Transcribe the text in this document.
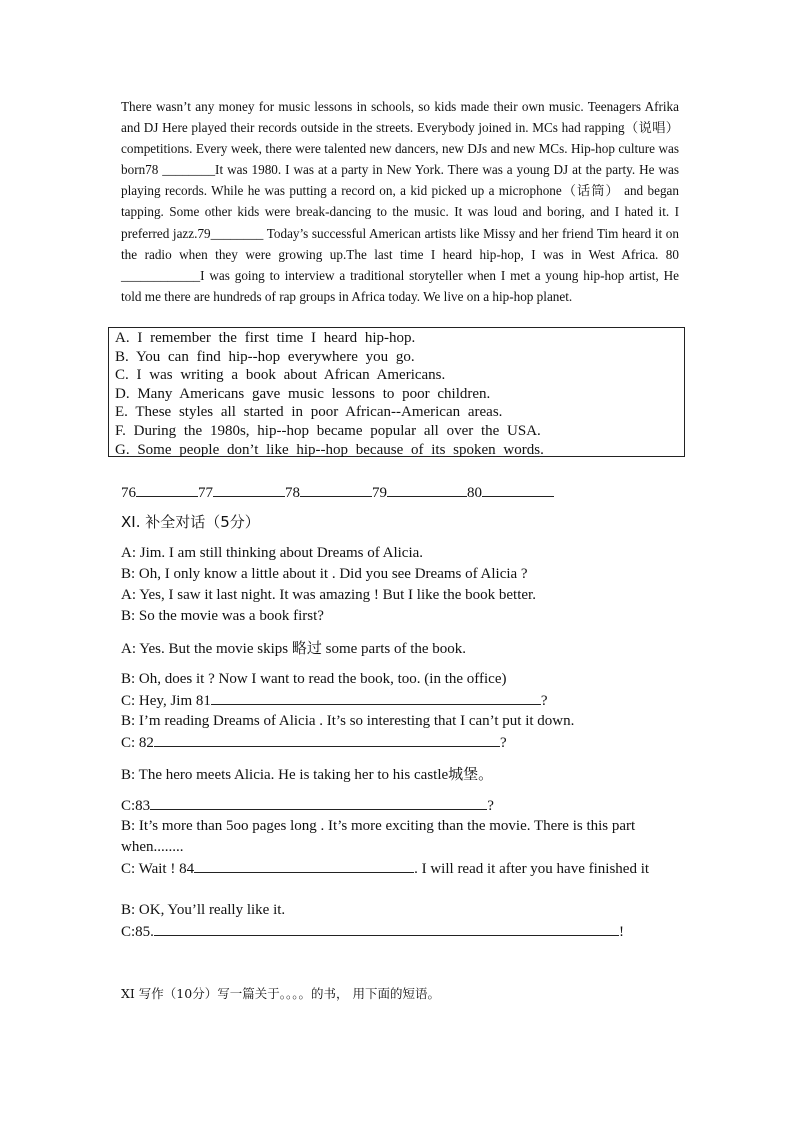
There wasn’t any money for music lessons in schools, so kids made their own music. Teenagers Afrika and DJ Here played their records outside in the streets. Everybody joined in. MCs had rapping（说唱） competitions. Every week, there were talented new dancers, new DJs and new MCs. Hip-hop culture was born78 ________It was 1980. I was at a party in New York. There was a young DJ at the party. He was playing records. While he was putting a record on, a kid picked up a microphone（话筒） and began tapping. Some other kids were break-dancing to the music. It was loud and boring, and I hated it. I preferred jazz.79________ Today’s successful American artists like Missy and her friend Tim heard it on the radio when they were growing up.The last time I heard hip-hop, I was in West Africa. 80 ____________I was going to interview a traditional storyteller when I met a young hip-hop artist, He told me there are hundreds of rap groups in Africa today. We live on a hip-hop planet.
A. I remember the first time I heard hip-hop.
B. You can find hip--hop everywhere you go.
C. I was writing a book about African Americans.
D. Many Americans gave music lessons to poor children.
E. These styles all started in poor African--American areas.
F. During the 1980s, hip--hop became popular all over the USA.
G. Some people don’t like hip--hop because of its spoken words.
76	77	78	79	80
XI. 补全对话（5分）
A: Jim. I am still thinking about Dreams of Alicia.
B: Oh, I only know a little about it . Did you see Dreams of Alicia ?
A: Yes, I saw it last night. It was amazing ! But I like the book better.
B: So the movie was a book first?
A: Yes. But the movie skips 略过 some parts of the book.
B: Oh, does it ? Now I want to read the book, too. (in the office)
C: Hey, Jim 81	?
B: I’m reading Dreams of Alicia . It’s so interesting that I can’t put it down.
C: 82	?
B: The hero meets Alicia. He is taking her to his castle城堡。
C:83	?
B: It’s more than 5oo pages long . It’s more exciting than the movie. There is this part when........
C: Wait ! 84	. I will read it after you have finished it
B: OK, You’ll really like it.
C:85.	!
XI 写作（10分）写一篇关于。。。。的书， 用下面的短语。
